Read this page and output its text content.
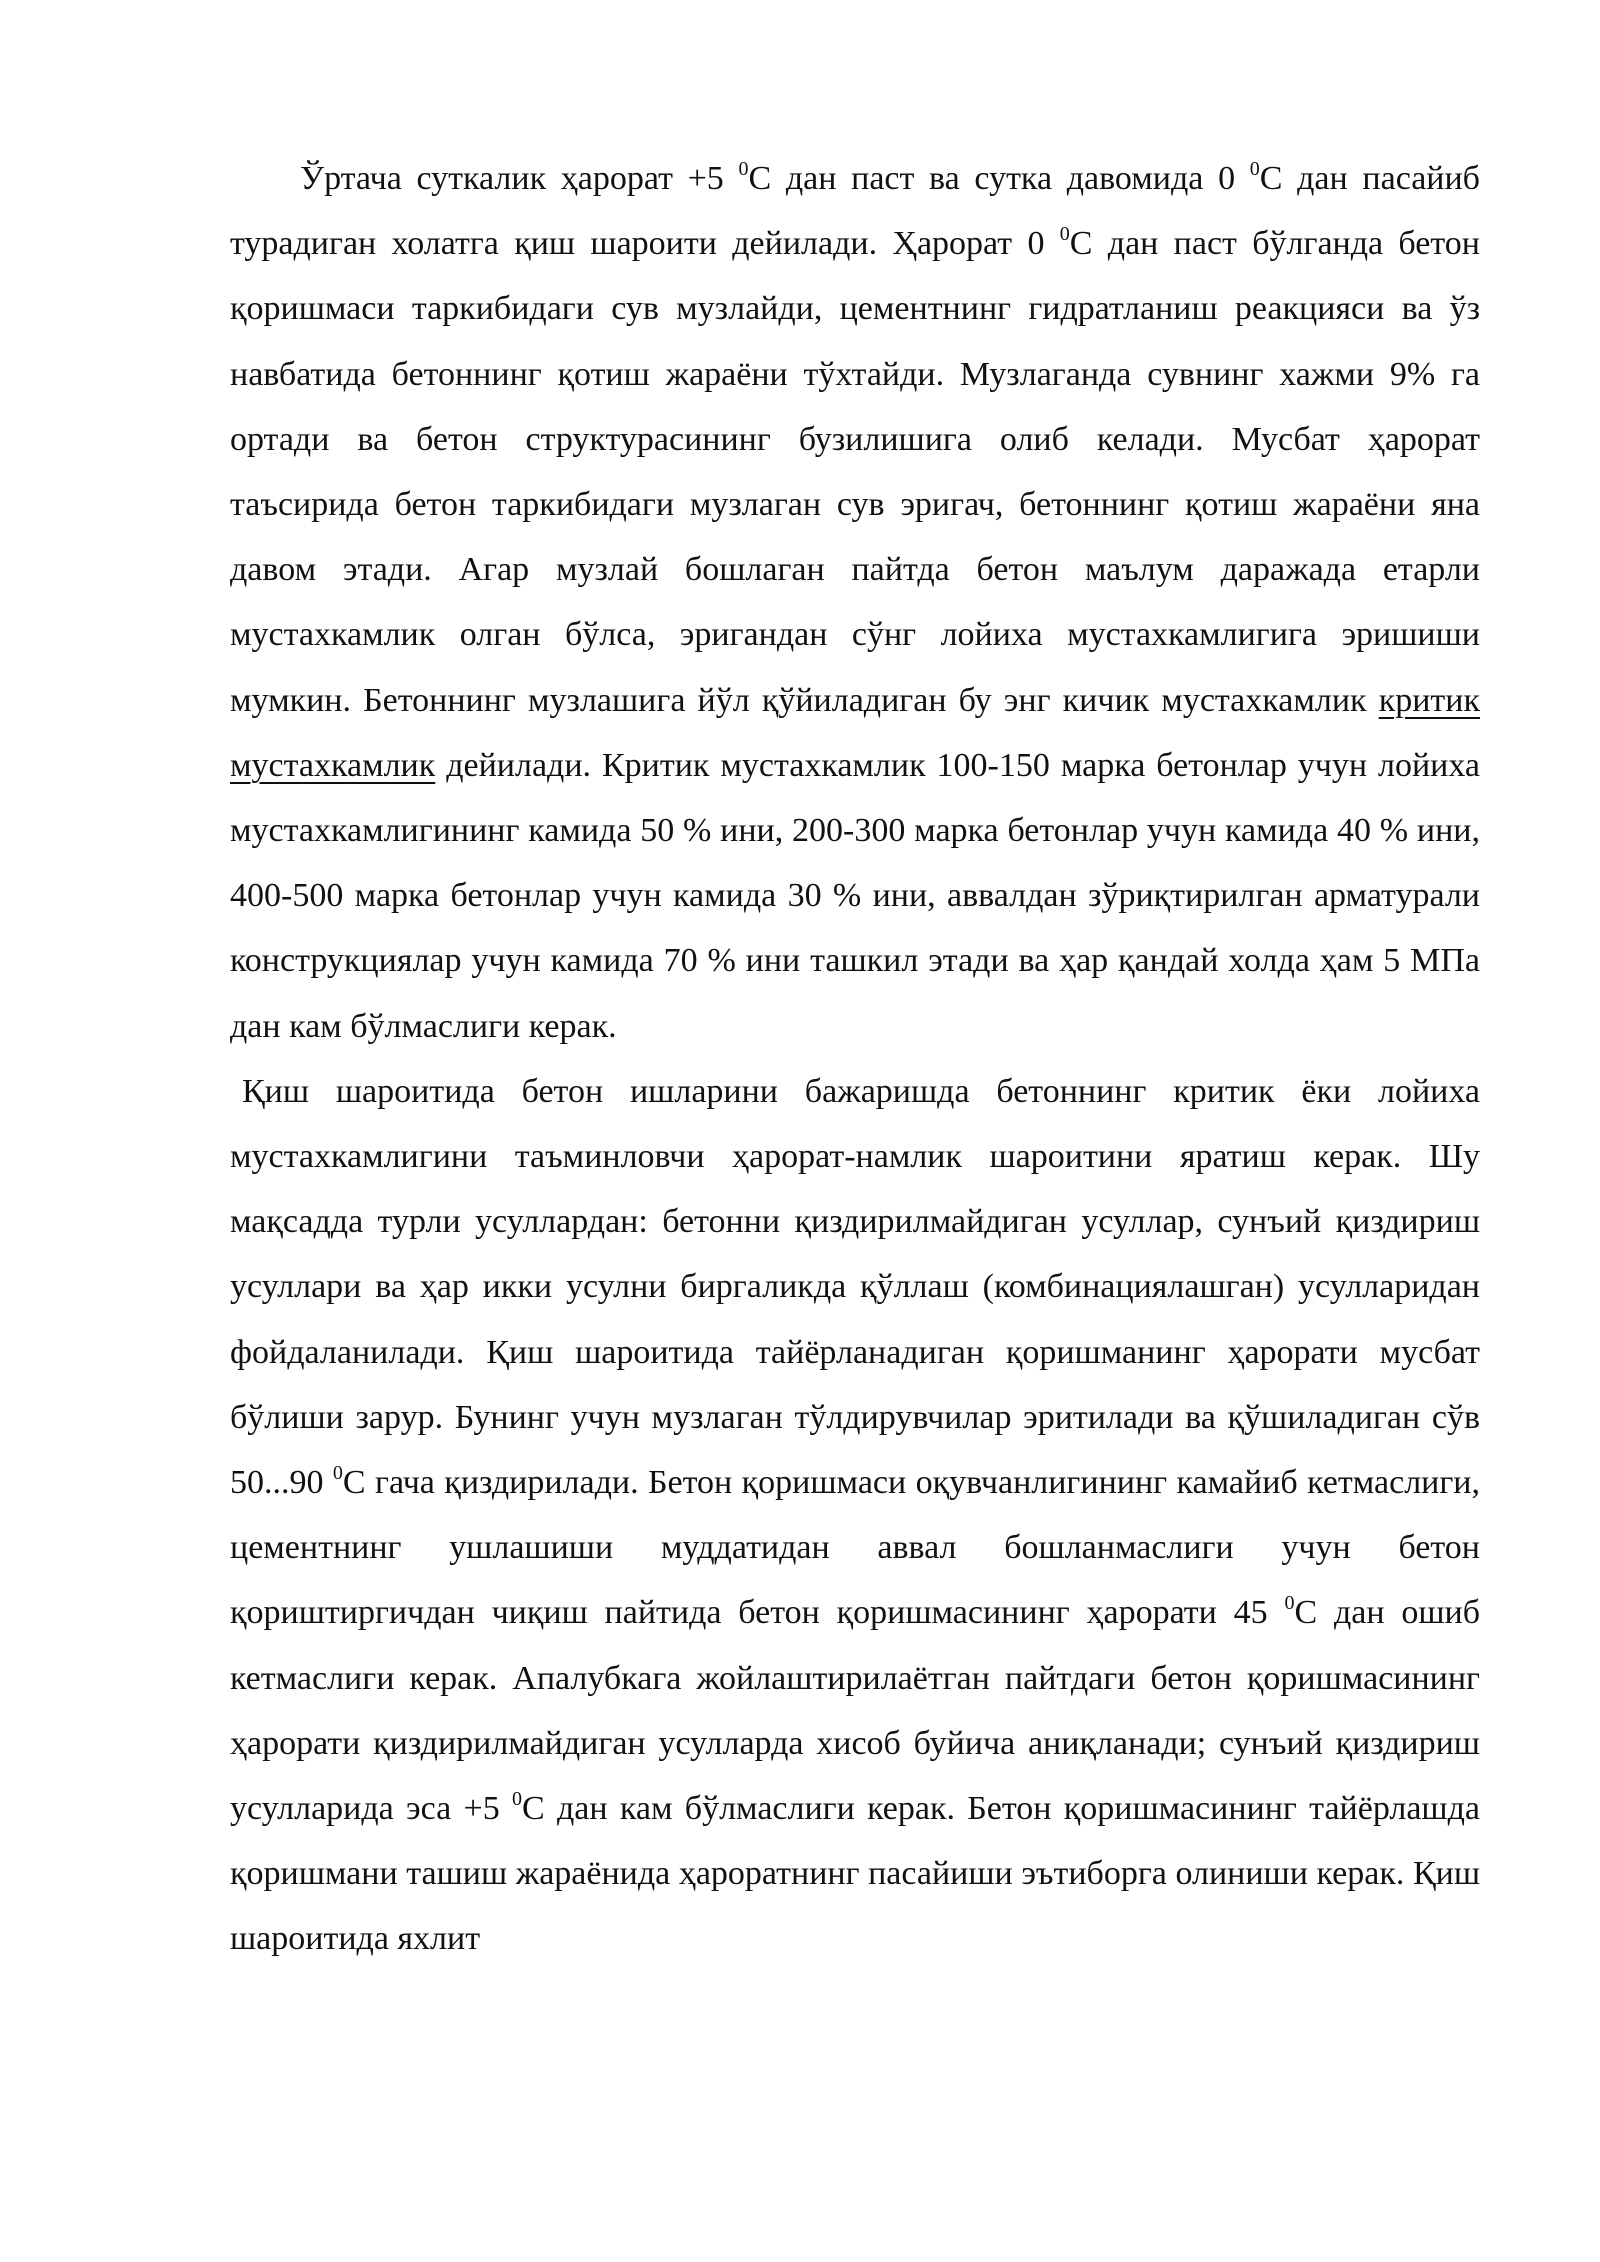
Ўртача суткалик ҳарорат +5 $^0$С дан паст ва сутка давомида 0 $^0$С дан пасайиб турадиган холатга қиш шароити дейилади. Ҳарорат 0 $^0$С дан паст бўлганда бетон қоришмаси таркибидаги сув музлайди, цементнинг гидратланиш реакцияси ва ўз навбатида бетоннинг қотиш жараёни тўхтайди. Музлаганда сувнинг хажми 9% га ортади ва бетон структурасининг бузилишига олиб келади. Мусбат ҳарорат таъсирида бетон таркибидаги музлаган сув эригач, бетоннинг қотиш жараёни яна давом этади. Агар музлай бошлаган пайтда бетон маълум даражада етарли мустахкамлик олган бўлса, эригандан сўнг лойиха мустахкамлигига эришиши мумкин. Бетоннинг музлашига йўл қўйиладиган бу энг кичик мустахкамлик критик мустахкамлик дейилади. Критик мустахкамлик 100-150 марка бетонлар учун лойиха мустахкамлигининг камида 50 % ини, 200-300 марка бетонлар учун камида 40 % ини, 400-500 марка бетонлар учун камида 30 % ини, аввалдан зўриқтирилган арматурали конструкциялар учун камида 70 % ини ташкил этади ва ҳар қандай холда ҳам 5 МПа дан кам бўлмаслиги керак.

Қиш шароитида бетон ишларини бажаришда бетоннинг критик ёки лойиха мустахкамлигини таъминловчи ҳарорат-намлик шароитини яратиш керак. Шу мақсадда турли усуллардан: бетонни қиздирилмайдиган усуллар, сунъий қиздириш усуллари ва ҳар икки усулни биргаликда қўллаш (комбинациялашган) усулларидан фойдаланилади. Қиш шароитида тайёрланадиган қоришманинг ҳарорати мусбат бўлиши зарур. Бунинг учун музлаган тўлдирувчилар эритилади ва қўшиладиган сўв 50...90 $^0$С гача қиздирилади. Бетон қоришмаси оқувчанлигининг камайиб кетмаслиги, цементнинг ушлашиши муддатидан аввал бошланмаслиги учун бетон қориштиргичдан чиқиш пайтида бетон қоришмасининг ҳарорати 45 $^0$С дан ошиб кетмаслиги керак. Апалубкага жойлаштирилаётган пайтдаги бетон қоришмасининг ҳарорати қиздирилмайдиган усулларда хисоб буйича аниқланади; сунъий қиздириш усулларида эса +5 $^0$С дан кам бўлмаслиги керак. Бетон қоришмасининг тайёрлашда қоришмани ташиш жараёнида ҳароратнинг пасайиши эътиборга олиниши керак. Қиш шароитида яхлит
